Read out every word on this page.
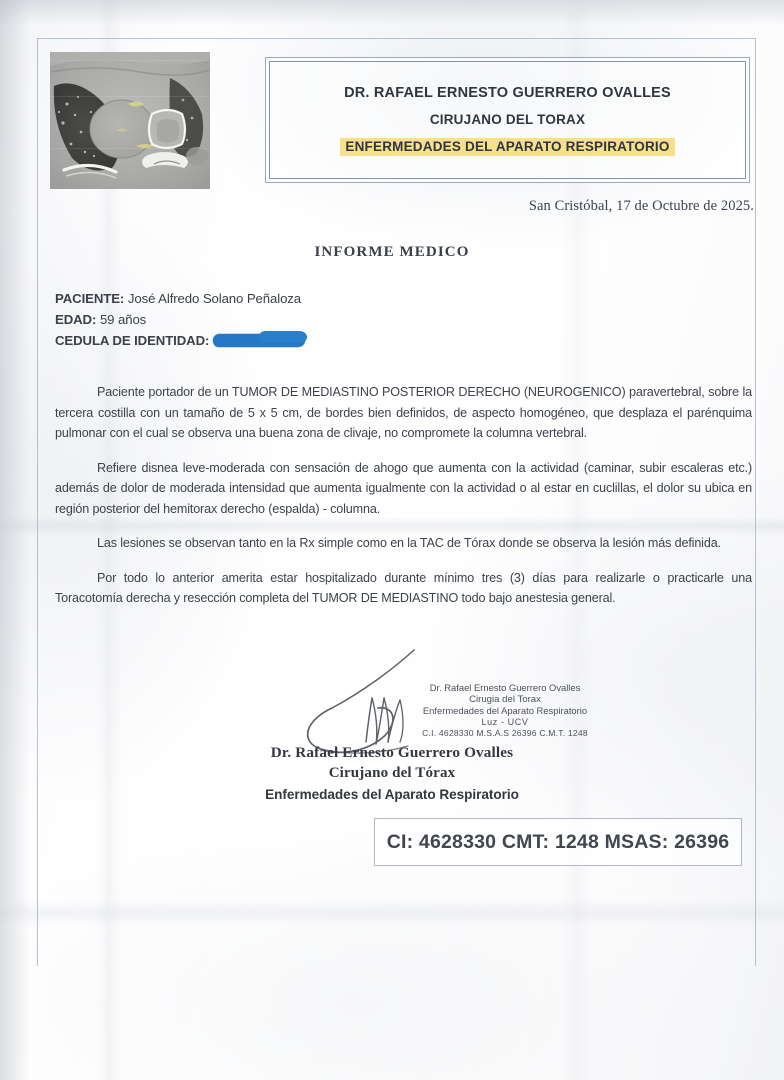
DR. RAFAEL ERNESTO GUERRERO OVALLES
CIRUJANO DEL TORAX
ENFERMEDADES DEL APARATO RESPIRATORIO
San Cristóbal, 17 de Octubre de 2025.
INFORME MEDICO
PACIENTE: José Alfredo Solano Peñaloza
EDAD: 59 años
CEDULA DE IDENTIDAD:

Paciente portador de un TUMOR DE MEDIASTINO POSTERIOR DERECHO (NEUROGENICO) paravertebral, sobre la tercera costilla con un tamaño de 5 x 5 cm, de bordes bien definidos, de aspecto homogéneo, que desplaza el parénquima pulmonar con el cual se observa una buena zona de clivaje, no compromete la columna vertebral.

Refiere disnea leve-moderada con sensación de ahogo que aumenta con la actividad (caminar, subir escaleras etc.) además de dolor de moderada intensidad que aumenta igualmente con la actividad o al estar en cuclillas, el dolor su ubica en región posterior del hemitorax derecho (espalda) - columna.

Las lesiones se observan tanto en la Rx simple como en la TAC de Tórax donde se observa la lesión más definida.

Por todo lo anterior amerita estar hospitalizado durante mínimo tres (3) días para realizarle o practicarle una Toracotomía derecha y resección completa del TUMOR DE MEDIASTINO todo bajo anestesia general.

Dr. Rafael Ernesto Guerrero Ovalles
Cirugia del Torax
Enfermedades del Aparato Respiratorio
Luz - UCV
C.I. 4628330 M.S.A.S 26396 C.M.T. 1248
Dr. Rafael Ernesto Guerrero Ovalles
Cirujano del Tórax
Enfermedades del Aparato Respiratorio
CI: 4628330 CMT: 1248 MSAS: 26396
